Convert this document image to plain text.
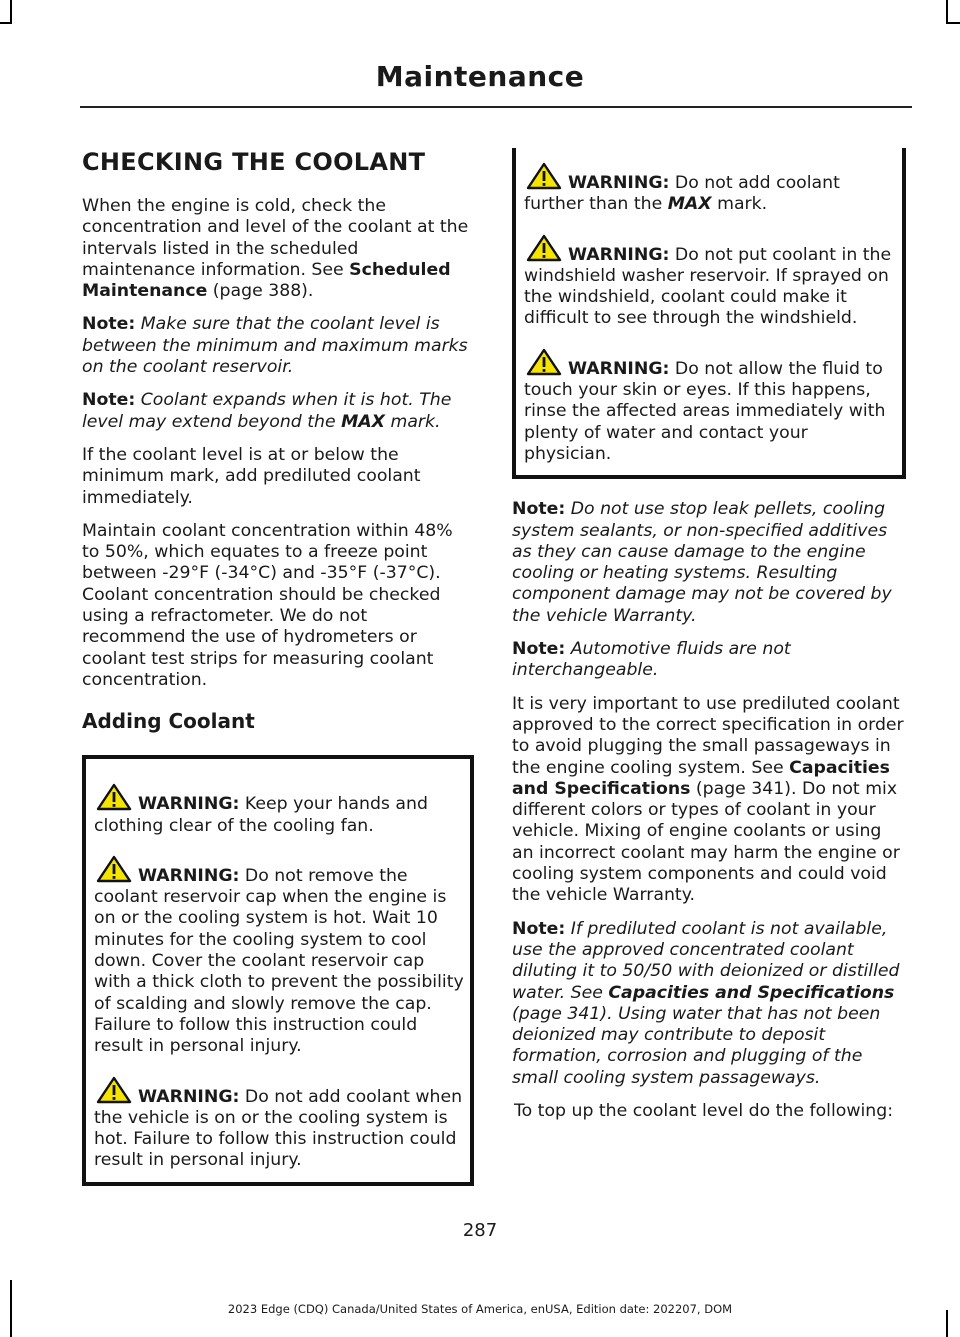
Maintenance
CHECKING THE COOLANT

When the engine is cold, check the concentration and level of the coolant at the intervals listed in the scheduled maintenance information. See Scheduled Maintenance (page 388).

Note: Make sure that the coolant level is between the minimum and maximum marks on the coolant reservoir.

Note: Coolant expands when it is hot. The level may extend beyond the MAX mark.

If the coolant level is at or below the minimum mark, add prediluted coolant immediately.

Maintain coolant concentration within 48% to 50%, which equates to a freeze point between -29°F (-34°C) and -35°F (-37°C). Coolant concentration should be checked using a refractometer. We do not recommend the use of hydrometers or coolant test strips for measuring coolant concentration.

Adding Coolant

WARNING: Keep your hands and clothing clear of the cooling fan.

WARNING: Do not remove the coolant reservoir cap when the engine is on or the cooling system is hot. Wait 10 minutes for the cooling system to cool down. Cover the coolant reservoir cap with a thick cloth to prevent the possibility of scalding and slowly remove the cap. Failure to follow this instruction could result in personal injury.

WARNING: Do not add coolant when the vehicle is on or the cooling system is hot. Failure to follow this instruction could result in personal injury.

WARNING: Do not add coolant further than the MAX mark.

WARNING: Do not put coolant in the windshield washer reservoir. If sprayed on the windshield, coolant could make it difficult to see through the windshield.

WARNING: Do not allow the fluid to touch your skin or eyes. If this happens, rinse the affected areas immediately with plenty of water and contact your physician.

Note: Do not use stop leak pellets, cooling system sealants, or non-specified additives as they can cause damage to the engine cooling or heating systems. Resulting component damage may not be covered by the vehicle Warranty.

Note: Automotive fluids are not interchangeable.

It is very important to use prediluted coolant approved to the correct specification in order to avoid plugging the small passageways in the engine cooling system. See Capacities and Specifications (page 341). Do not mix different colors or types of coolant in your vehicle. Mixing of engine coolants or using an incorrect coolant may harm the engine or cooling system components and could void the vehicle Warranty.

Note: If prediluted coolant is not available, use the approved concentrated coolant diluting it to 50/50 with deionized or distilled water. See Capacities and Specifications (page 341). Using water that has not been deionized may contribute to deposit formation, corrosion and plugging of the small cooling system passageways.

To top up the coolant level do the following:

287
2023 Edge (CDQ) Canada/United States of America, enUSA, Edition date: 202207, DOM
